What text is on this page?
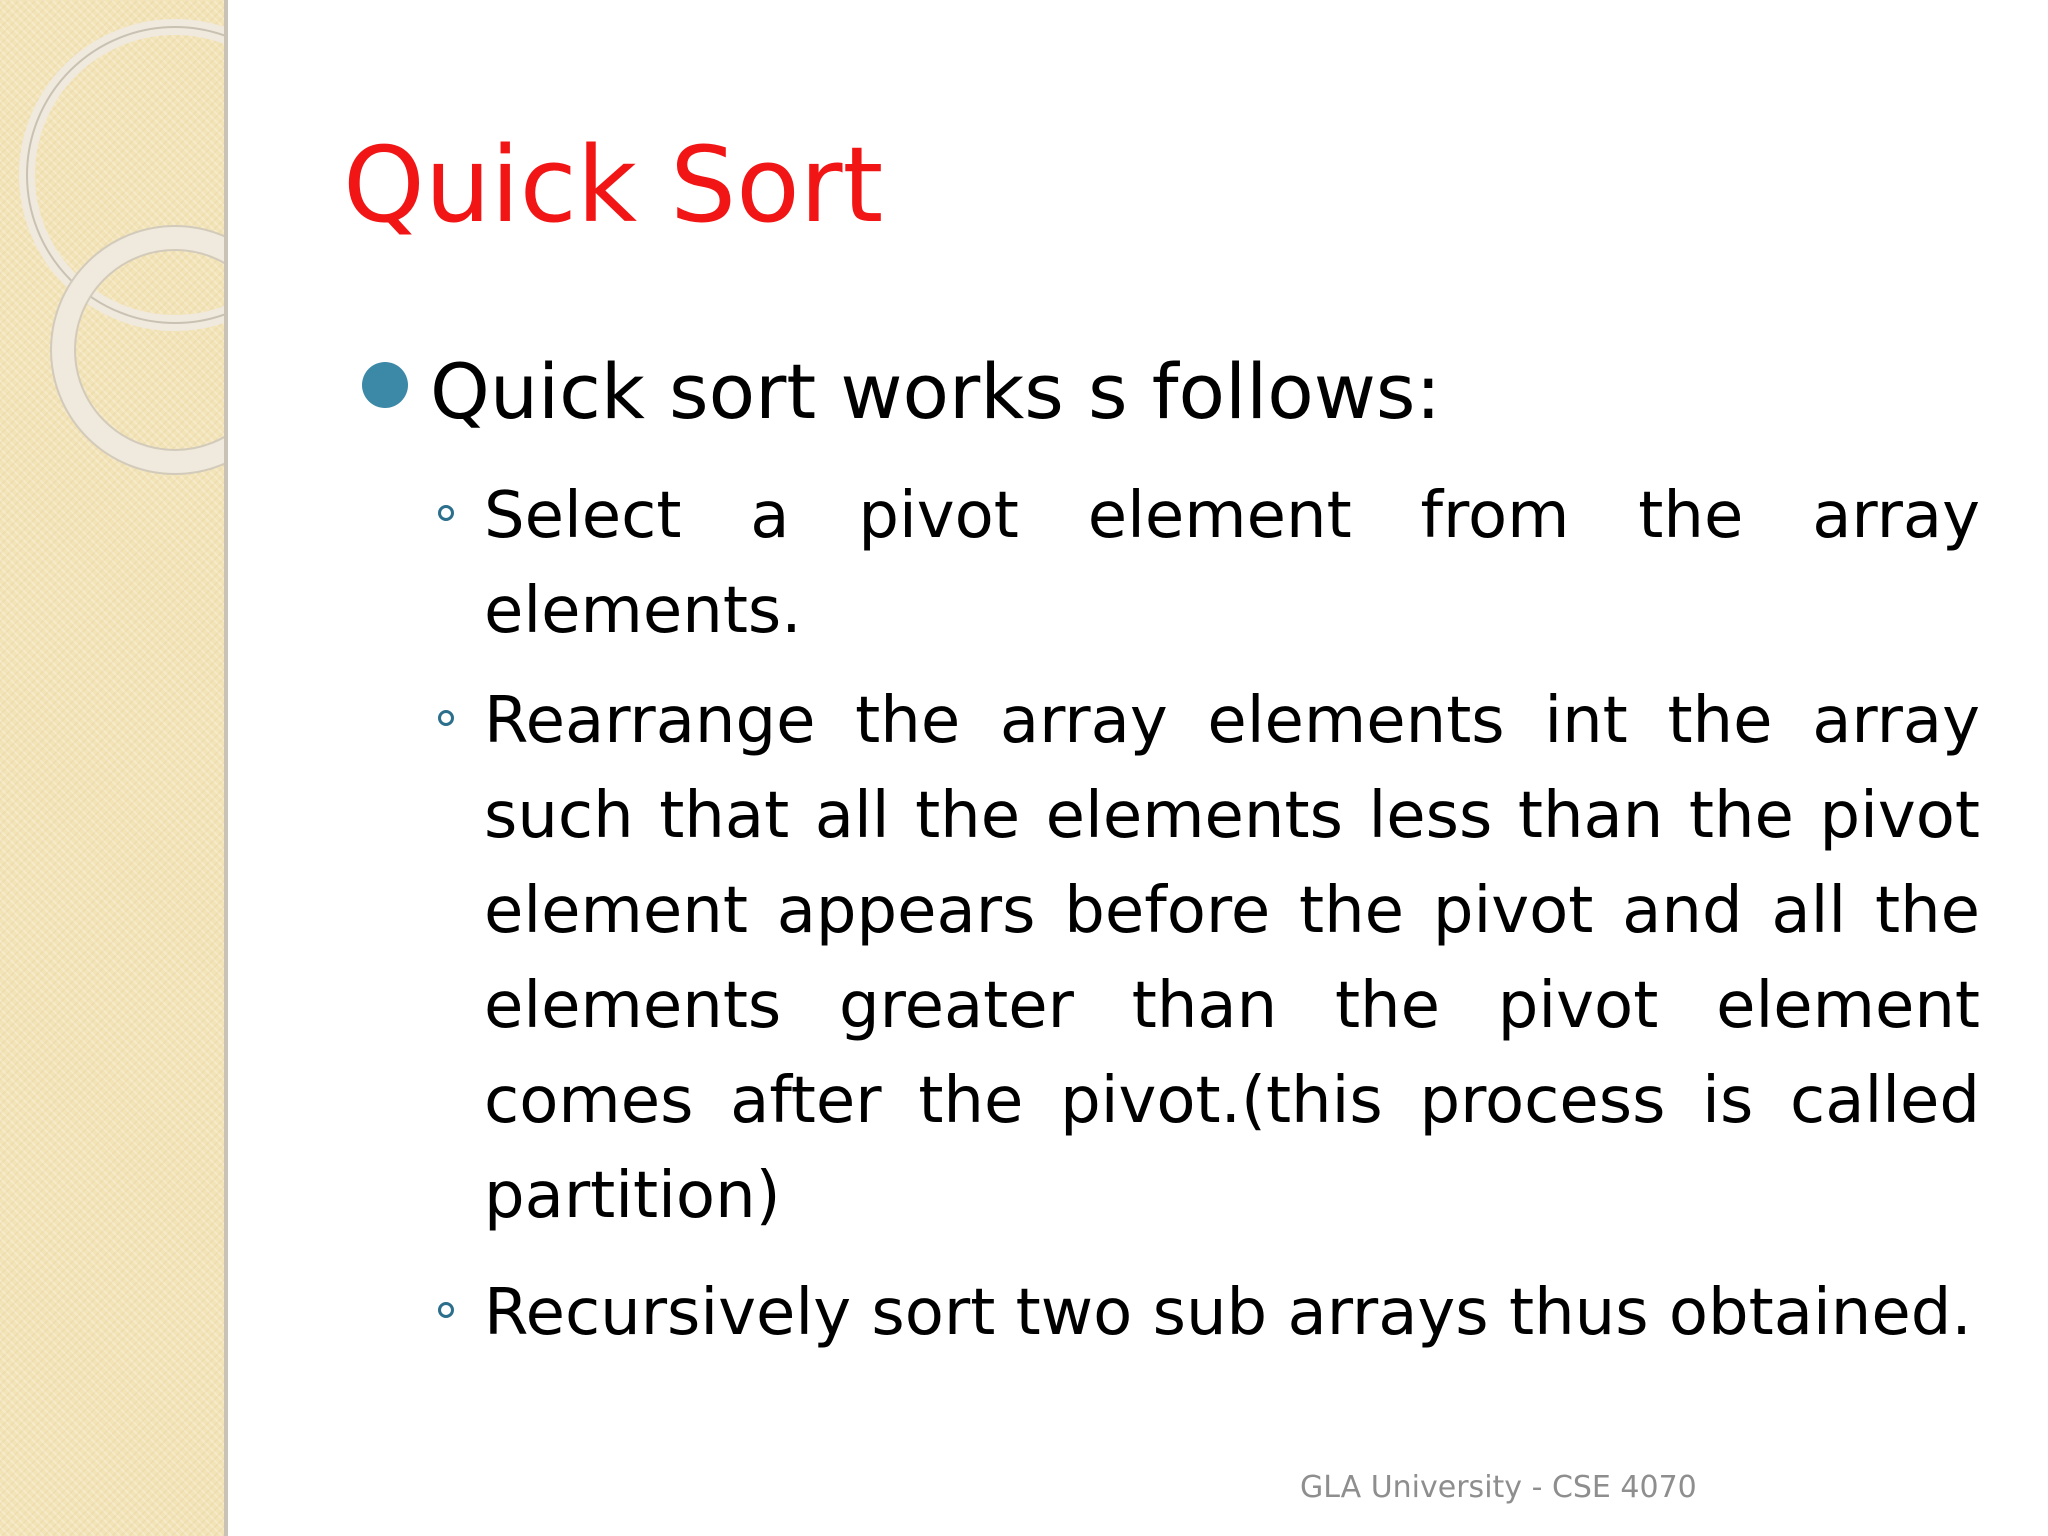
Quick Sort

Quick sort works s follows:

Select a pivot element from the array elements.

Rearrange the array elements int the array such that all the elements less than the pivot element appears before the pivot and all the elements greater than the pivot element comes after the pivot.(this process is called partition)

Recursively sort two sub arrays thus obtained.

GLA University - CSE 4070
